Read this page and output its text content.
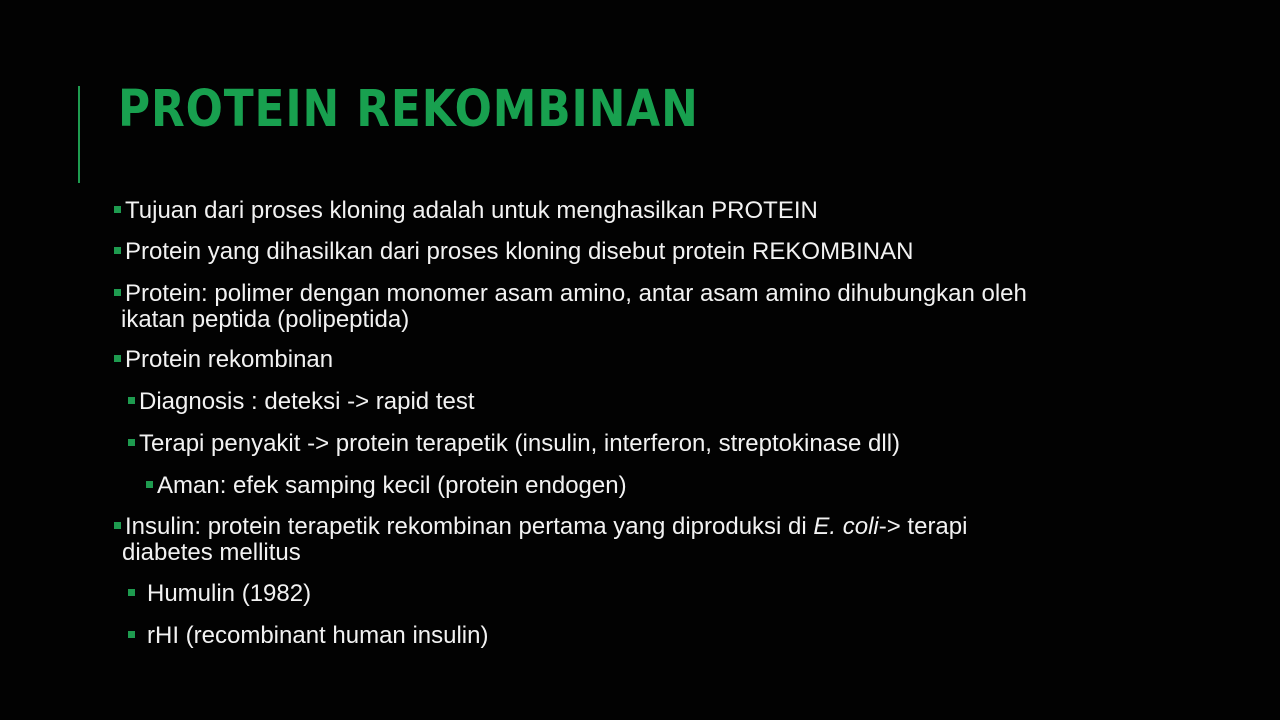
PROTEIN REKOMBINAN
Tujuan dari proses kloning adalah untuk menghasilkan PROTEIN
Protein yang dihasilkan dari proses kloning disebut protein REKOMBINAN
Protein: polimer dengan monomer asam amino, antar asam amino dihubungkan oleh
ikatan peptida (polipeptida)
Protein rekombinan
Diagnosis : deteksi -> rapid test
Terapi penyakit -> protein terapetik (insulin, interferon, streptokinase dll)
Aman: efek samping kecil (protein endogen)
Insulin: protein terapetik rekombinan pertama yang diproduksi di E. coli-> terapi
diabetes mellitus
Humulin (1982)
rHI (recombinant human insulin)
